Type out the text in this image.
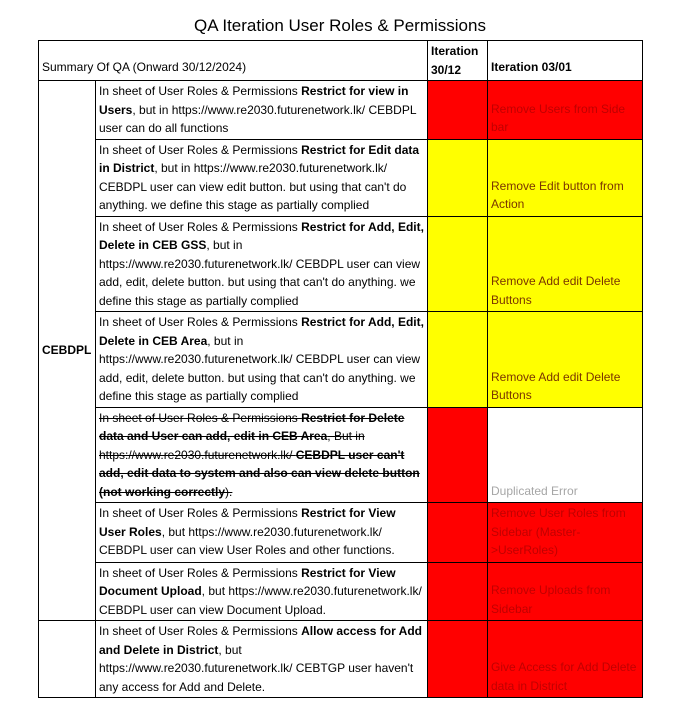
QA Iteration User Roles & Permissions
Summary Of QA (Onward 30/12/2024)		Iteration 30/12	Iteration 03/01
CEBDPL	In sheet of User Roles & Permissions Restrict for view in Users, but in https://www.re2030.futurenetwork.lk/ CEBDPL user can do all functions		Remove Users from Side bar

	In sheet of User Roles & Permissions Restrict for Edit data in District, but in https://www.re2030.futurenetwork.lk/ CEBDPL user can view edit button. but using that can't do anything. we define this stage as partially complied		Remove Edit button from Action

	In sheet of User Roles & Permissions Restrict for Add, Edit, Delete in CEB GSS, but in https://www.re2030.futurenetwork.lk/ CEBDPL user can view add, edit, delete button. but using that can't do anything. we define this stage as partially complied		Remove Add edit Delete Buttons

	In sheet of User Roles & Permissions Restrict for Add, Edit, Delete in CEB Area, but in https://www.re2030.futurenetwork.lk/ CEBDPL user can view add, edit, delete button. but using that can't do anything. we define this stage as partially complied		Remove Add edit Delete Buttons

	In sheet of User Roles & Permissions Restrict for Delete data and User can add, edit in CEB Area, But in https://www.re2030.futurenetwork.lk/ CEBDPL user can't add, edit data to system and also can view delete button (not working correctly).		Duplicated Error

	In sheet of User Roles & Permissions Restrict for View User Roles, but https://www.re2030.futurenetwork.lk/ CEBDPL user can view User Roles and other functions.		Remove User Roles from Sidebar (Master->UserRoles)

	In sheet of User Roles & Permissions Restrict for View Document Upload, but https://www.re2030.futurenetwork.lk/ CEBDPL user can view Document Upload.		Remove Uploads from Sidebar

	In sheet of User Roles & Permissions Allow access for Add and Delete in District, but https://www.re2030.futurenetwork.lk/ CEBTGP user haven't any access for Add and Delete.		Give Access for Add Delete data in District
